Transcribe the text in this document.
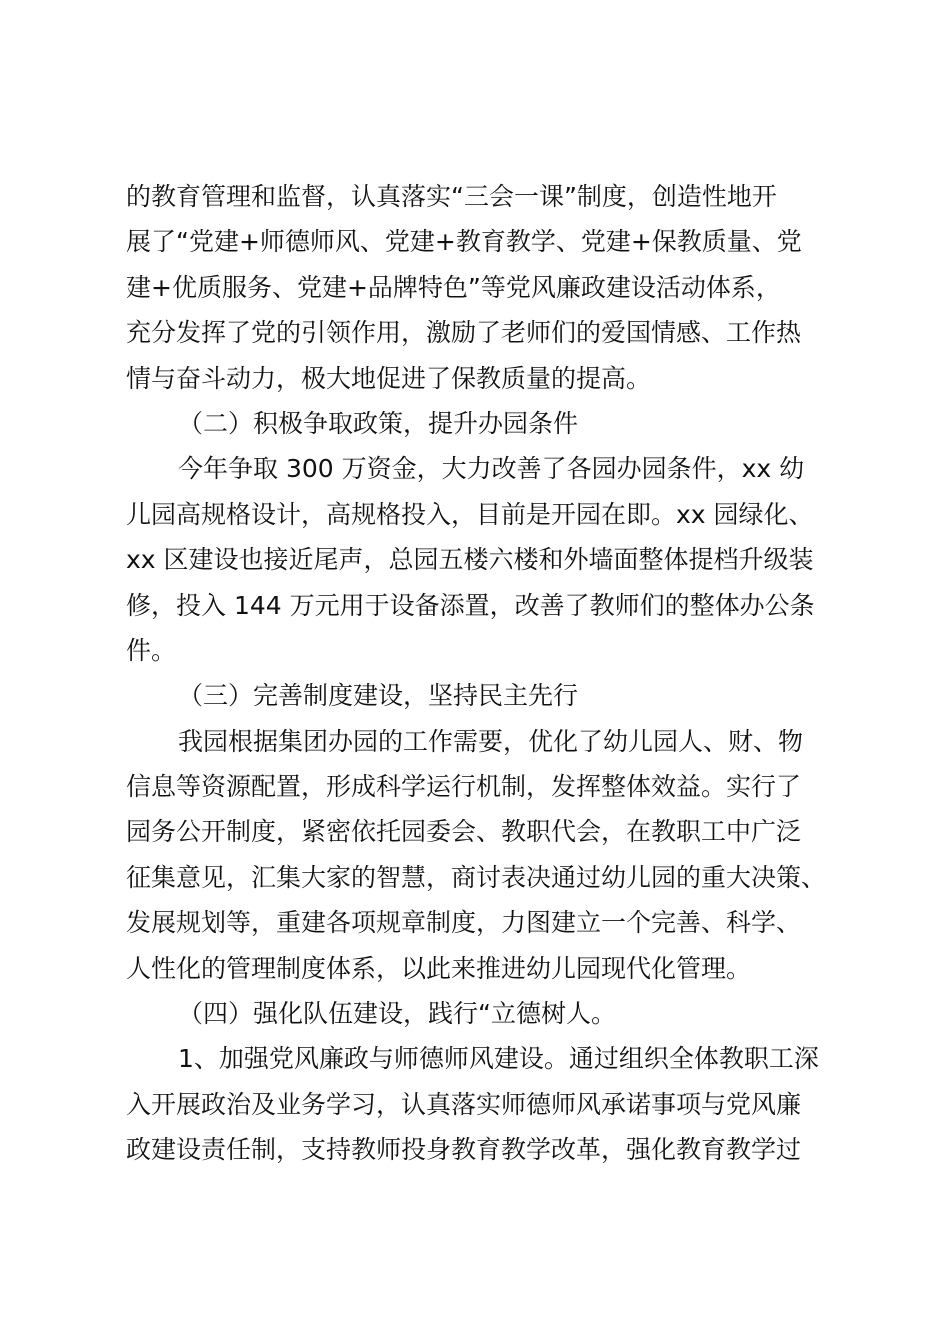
的教育管理和监督，认真落实“三会一课”制度，创造性地开
展了“党建+师德师风、党建+教育教学、党建+保教质量、党
建+优质服务、党建+品牌特色”等党风廉政建设活动体系，
充分发挥了党的引领作用，激励了老师们的爱国情感、工作热
情与奋斗动力，极大地促进了保教质量的提高。
（二）积极争取政策，提升办园条件
今年争取 300 万资金，大力改善了各园办园条件，xx 幼
儿园高规格设计，高规格投入，目前是开园在即。xx 园绿化、
xx 区建设也接近尾声，总园五楼六楼和外墙面整体提档升级装
修，投入 144 万元用于设备添置，改善了教师们的整体办公条
件。
（三）完善制度建设，坚持民主先行
我园根据集团办园的工作需要，优化了幼儿园人、财、物
信息等资源配置，形成科学运行机制，发挥整体效益。实行了
园务公开制度，紧密依托园委会、教职代会，在教职工中广泛
征集意见，汇集大家的智慧，商讨表决通过幼儿园的重大决策、
发展规划等，重建各项规章制度，力图建立一个完善、科学、
人性化的管理制度体系，以此来推进幼儿园现代化管理。
（四）强化队伍建设，践行“立德树人。
1、加强党风廉政与师德师风建设。通过组织全体教职工深
入开展政治及业务学习，认真落实师德师风承诺事项与党风廉
政建设责任制，支持教师投身教育教学改革，强化教育教学过
